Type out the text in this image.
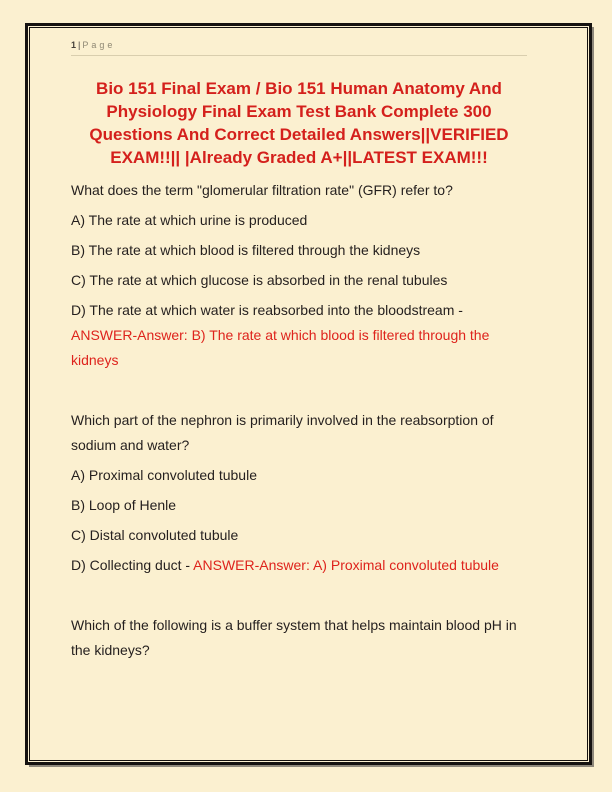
1| Page
Bio 151 Final Exam / Bio 151 Human Anatomy And
Physiology Final Exam Test Bank Complete 300
Questions And Correct Detailed Answers||VERIFIED
EXAM!!|| |Already Graded A+||LATEST EXAM!!!
What does the term "glomerular filtration rate" (GFR) refer to?
A) The rate at which urine is produced
B) The rate at which blood is filtered through the kidneys
C) The rate at which glucose is absorbed in the renal tubules
D) The rate at which water is reabsorbed into the bloodstream - ANSWER-Answer: B) The rate at which blood is filtered through the kidneys
Which part of the nephron is primarily involved in the reabsorption of sodium and water?
A) Proximal convoluted tubule
B) Loop of Henle
C) Distal convoluted tubule
D) Collecting duct - ANSWER-Answer: A) Proximal convoluted tubule
Which of the following is a buffer system that helps maintain blood pH in the kidneys?
